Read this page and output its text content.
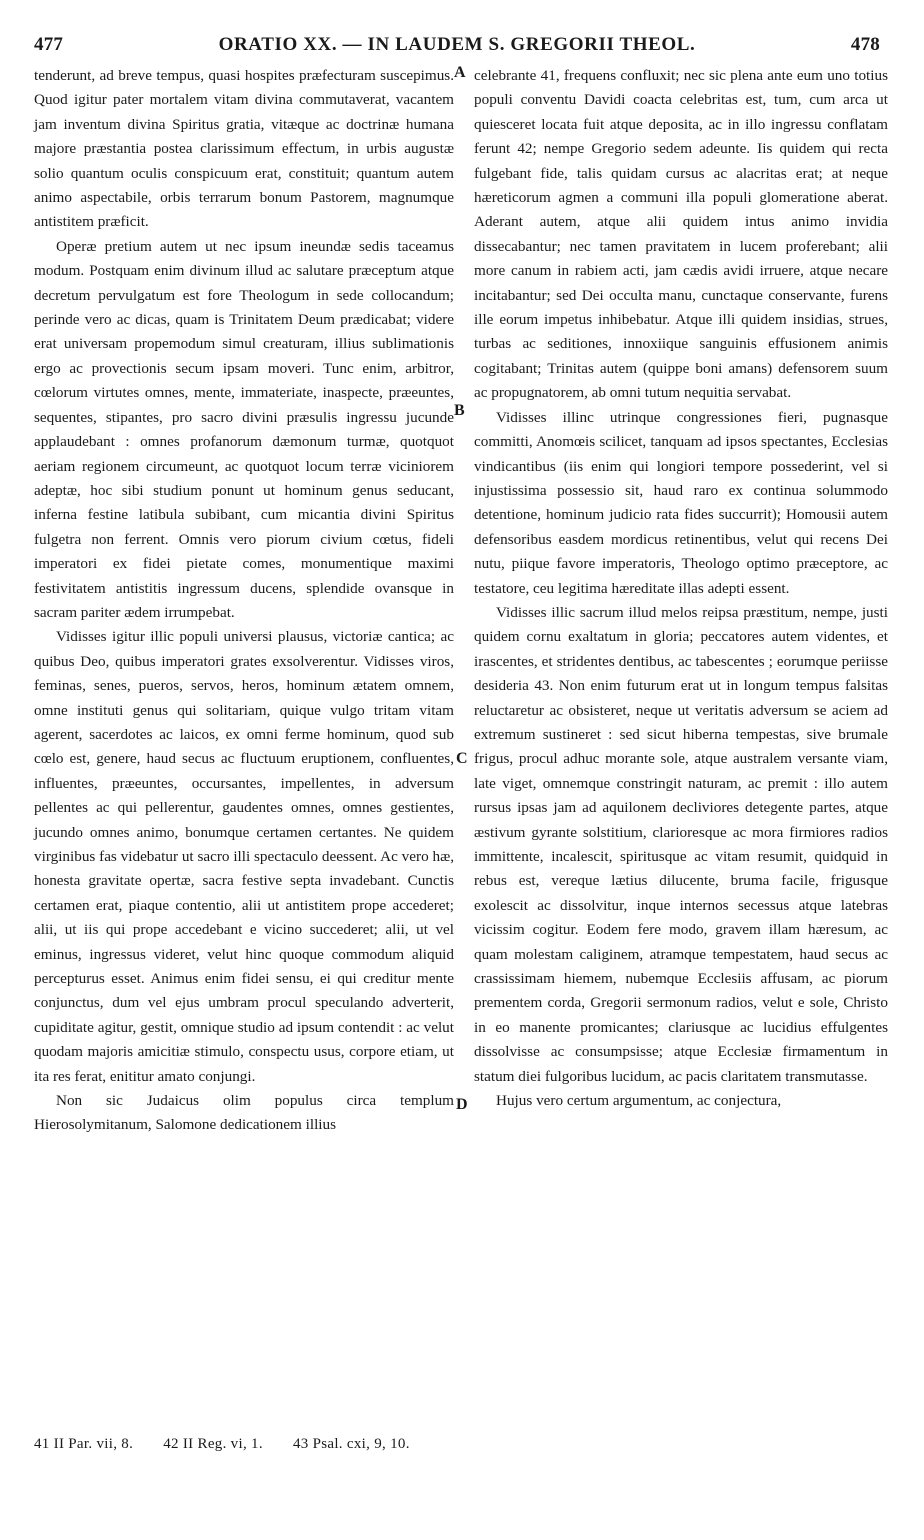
477	ORATIO XX. — IN LAUDEM S. GREGORII THEOL.	478

tenderunt, ad breve tempus, quasi hospites præfecturam suscepimus. Quod igitur pater mortalem vitam divina commutaverat, vacantem jam inventum divina Spiritus gratia, vitæque ac doctrinæ humana majore præstantia postea clarissimum effectum, in urbis augustæ solio quantum oculis conspicuum erat, constituit; quantum autem animo aspectabile, orbis terrarum bonum Pastorem, magnumque antistitem præficit.

Operæ pretium autem ut nec ipsum ineundæ sedis taceamus modum. Postquam enim divinum illud ac salutare præceptum atque decretum pervulgatum est fore Theologum in sede collocandum; perinde vero ac dicas, quam is Trinitatem Deum prædicabat; videre erat universam propemodum simul creaturam, illius sublimationis ergo ac provectionis secum ipsam moveri. Tunc enim, arbitror, cœlorum virtutes omnes, mente, immateriate, inaspecte, præeuntes, sequentes, stipantes, pro sacro divini præsulis ingressu jucunde applaudebant : omnes profanorum dæmonum turmæ, quotquot aeriam regionem circumeunt, ac quotquot locum terræ viciniorem adeptæ, hoc sibi studium ponunt ut hominum genus seducant, inferna festine latibula subibant, cum micantia divini Spiritus fulgetra non ferrent. Omnis vero piorum civium cœtus, fideli imperatori ex fidei pietate comes, monumentique maximi festivitatem antistitis ingressum ducens, splendide ovansque in sacram pariter ædem irrumpebat.

Vidisses igitur illic populi universi plausus, victoriæ cantica; ac quibus Deo, quibus imperatori grates exsolverentur. Vidisses viros, feminas, senes, pueros, servos, heros, hominum ætatem omnem, omne instituti genus qui solitariam, quique vulgo tritam vitam agerent, sacerdotes ac laicos, ex omni ferme hominum, quod sub cœlo est, genere, haud secus ac fluctuum eruptionem, confluentes, influentes, præeuntes, occursantes, impellentes, in adversum pellentes ac qui pellerentur, gaudentes omnes, omnes gestientes, jucundo omnes animo, bonumque certamen certantes. Ne quidem virginibus fas videbatur ut sacro illi spectaculo deessent. Ac vero hæ, honesta gravitate opertæ, sacra festive septa invadebant. Cunctis certamen erat, piaque contentio, alii ut antistitem prope accederet; alii, ut iis qui prope accedebant e vicino succederet; alii, ut vel eminus, ingressus videret, velut hinc quoque commodum aliquid percepturus esset. Animus enim fidei sensu, ei qui creditur mente conjunctus, dum vel ejus umbram procul speculando adverterit, cupiditate agitur, gestit, omnique studio ad ipsum contendit : ac velut quodam majoris amicitiæ stimulo, conspectu usus, corpore etiam, ut ita res ferat, enititur amato conjungi.

Non sic Judaicus olim populus circa templum Hierosolymitanum, Salomone dedicationem illius

A
B
C
D

celebrante 41, frequens confluxit; nec sic plena ante eum uno totius populi conventu Davidi coacta celebritas est, tum, cum arca ut quiesceret locata fuit atque deposita, ac in illo ingressu conflatam ferunt 42; nempe Gregorio sedem adeunte. Iis quidem qui recta fulgebant fide, talis quidam cursus ac alacritas erat; at neque hæreticorum agmen a communi illa populi glomeratione aberat. Aderant autem, atque alii quidem intus animo invidia dissecabantur; nec tamen pravitatem in lucem proferebant; alii more canum in rabiem acti, jam cædis avidi irruere, atque necare incitabantur; sed Dei occulta manu, cunctaque conservante, furens ille eorum impetus inhibebatur. Atque illi quidem insidias, strues, turbas ac seditiones, innoxiique sanguinis effusionem animis cogitabant; Trinitas autem (quippe boni amans) defensorem suum ac propugnatorem, ab omni tutum nequitia servabat.

Vidisses illinc utrinque congressiones fieri, pugnasque committi, Anomœis scilicet, tanquam ad ipsos spectantes, Ecclesias vindicantibus (iis enim qui longiori tempore possederint, vel si injustissima possessio sit, haud raro ex continua solummodo detentione, hominum judicio rata fides succurrit); Homousii autem defensoribus easdem mordicus retinentibus, velut qui recens Dei nutu, piique favore imperatoris, Theologo optimo præceptore, ac testatore, ceu legitima hæreditate illas adepti essent.

Vidisses illic sacrum illud melos reipsa præstitum, nempe, justi quidem cornu exaltatum in gloria; peccatores autem videntes, et irascentes, et stridentes dentibus, ac tabescentes ; eorumque periisse desideria 43. Non enim futurum erat ut in longum tempus falsitas reluctaretur ac obsisteret, neque ut veritatis adversum se aciem ad extremum sustineret : sed sicut hiberna tempestas, sive brumale frigus, procul adhuc morante sole, atque australem versante viam, late viget, omnemque constringit naturam, ac premit : illo autem rursus ipsas jam ad aquilonem decliviores detegente partes, atque æstivum gyrante solstitium, clarioresque ac mora firmiores radios immittente, incalescit, spiritusque ac vitam resumit, quidquid in rebus est, vereque lætius dilucente, bruma facile, frigusque exolescit ac dissolvitur, inque internos secessus atque latebras vicissim cogitur. Eodem fere modo, gravem illam hæresum, ac quam molestam caliginem, atramque tempestatem, haud secus ac crassissimam hiemem, nubemque Ecclesiis affusam, ac piorum prementem corda, Gregorii sermonum radios, velut e sole, Christo in eo manente promicantes; clariusque ac lucidius effulgentes dissolvisse ac consumpsisse; atque Ecclesiæ firmamentum in statum diei fulgoribus lucidum, ac pacis claritatem transmutasse.

Hujus vero certum argumentum, ac conjectura,

41 II Par. vii, 8. 42 II Reg. vi, 1. 43 Psal. cxi, 9, 10.
